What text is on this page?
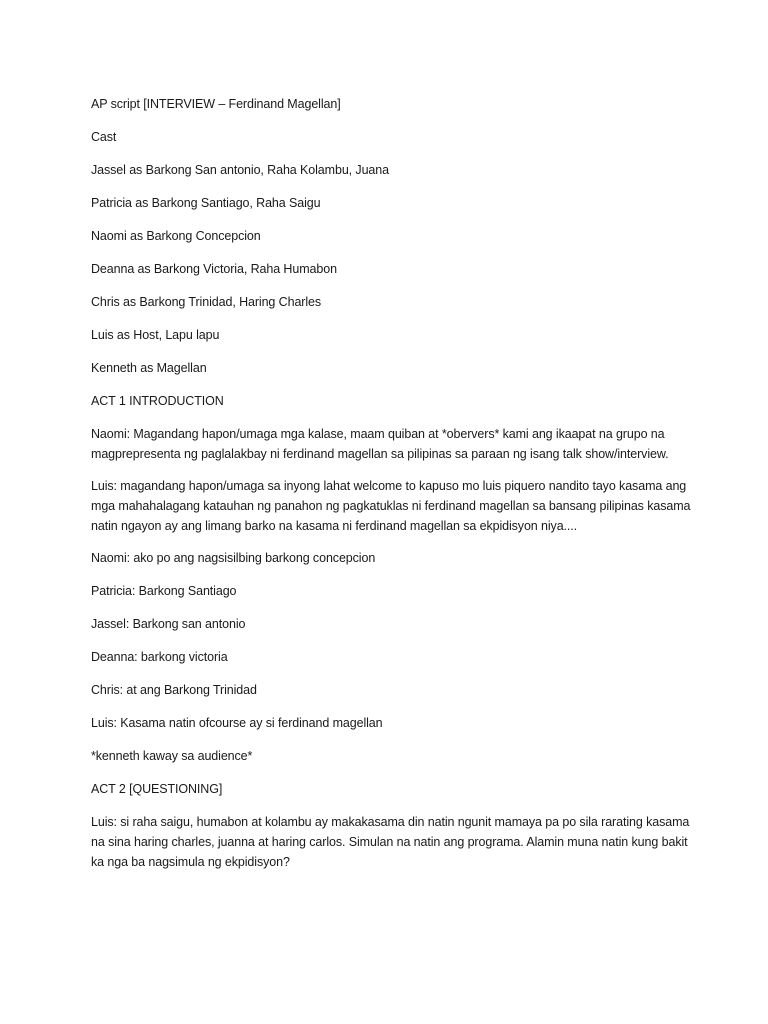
AP script [INTERVIEW – Ferdinand Magellan]

Cast

Jassel as Barkong San antonio, Raha Kolambu, Juana

Patricia as Barkong Santiago, Raha Saigu

Naomi as Barkong Concepcion

Deanna as Barkong Victoria, Raha Humabon

Chris as Barkong Trinidad, Haring Charles

Luis as Host, Lapu lapu

Kenneth as Magellan

ACT 1 INTRODUCTION

Naomi: Magandang hapon/umaga mga kalase, maam quiban at *obervers* kami ang ikaapat na grupo na magprepresenta ng paglalakbay ni ferdinand magellan sa pilipinas sa paraan ng isang talk show/interview.

Luis: magandang hapon/umaga sa inyong lahat welcome to kapuso mo luis piquero nandito tayo kasama ang mga mahahalagang katauhan ng panahon ng pagkatuklas ni ferdinand magellan sa bansang pilipinas kasama natin ngayon ay ang limang barko na kasama ni ferdinand magellan sa ekpidisyon niya....

Naomi: ako po ang nagsisilbing barkong concepcion

Patricia: Barkong Santiago

Jassel: Barkong san antonio

Deanna: barkong victoria

Chris: at ang Barkong Trinidad

Luis: Kasama natin ofcourse ay si ferdinand magellan

*kenneth kaway sa audience*

ACT 2 [QUESTIONING]

Luis: si raha saigu, humabon at kolambu ay makakasama din natin ngunit mamaya pa po sila rarating kasama na sina haring charles, juanna at haring carlos. Simulan na natin ang programa. Alamin muna natin kung bakit ka nga ba nagsimula ng ekpidisyon?
